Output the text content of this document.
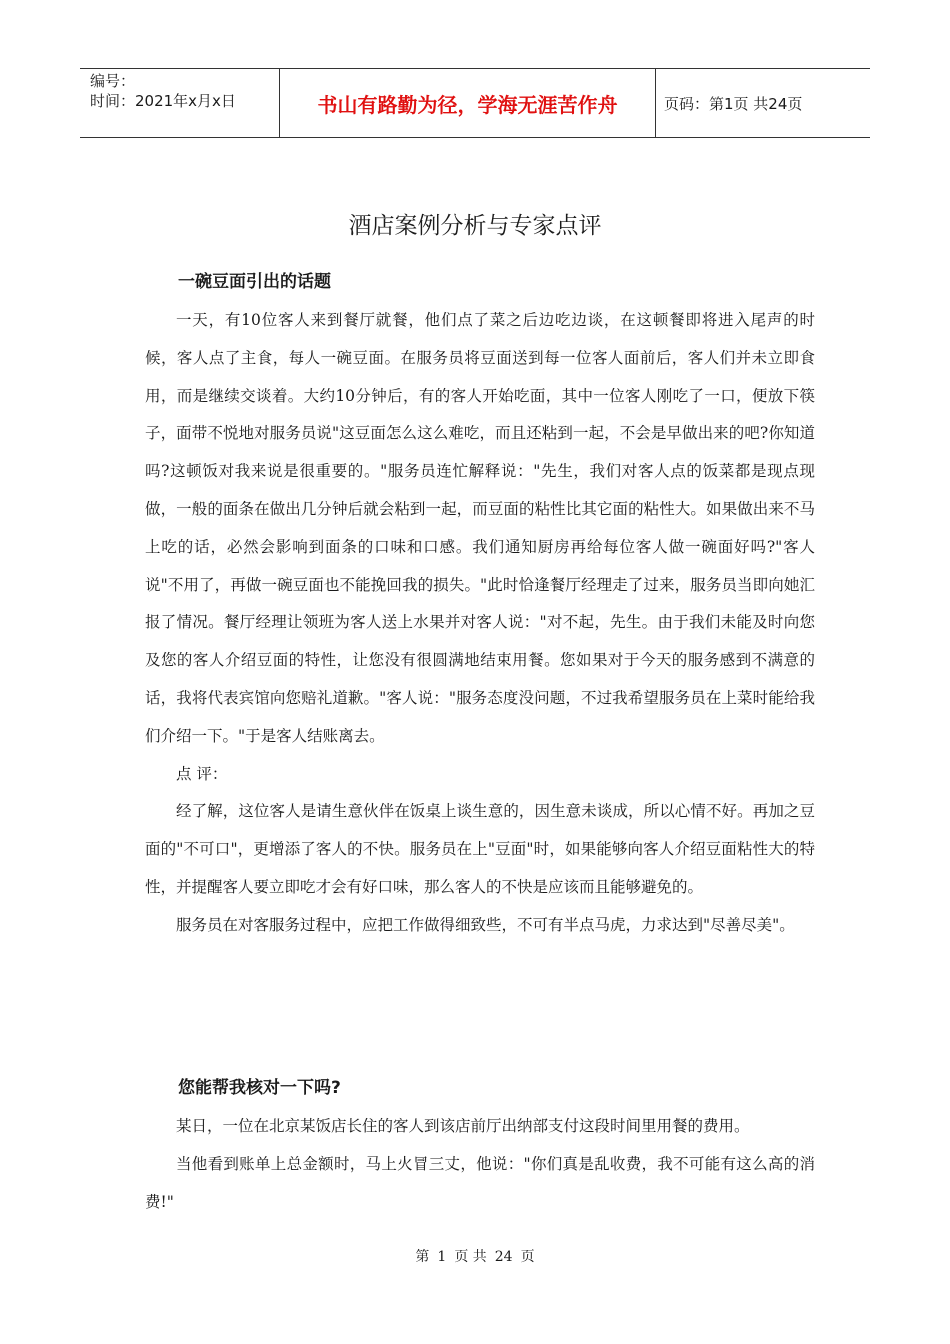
编号：
时间：2021年x月x日	书山有路勤为径，学海无涯苦作舟	页码：第1页 共24页
酒店案例分析与专家点评
一碗豆面引出的话题

一天，有10位客人来到餐厅就餐，他们点了菜之后边吃边谈，在这顿餐即将进入尾声的时候，客人点了主食，每人一碗豆面。在服务员将豆面送到每一位客人面前后，客人们并未立即食用，而是继续交谈着。大约10分钟后，有的客人开始吃面，其中一位客人刚吃了一口，便放下筷子，面带不悦地对服务员说"这豆面怎么这么难吃，而且还粘到一起，不会是早做出来的吧?你知道吗?这顿饭对我来说是很重要的。"服务员连忙解释说："先生，我们对客人点的饭菜都是现点现做，一般的面条在做出几分钟后就会粘到一起，而豆面的粘性比其它面的粘性大。如果做出来不马上吃的话，必然会影响到面条的口味和口感。我们通知厨房再给每位客人做一碗面好吗?"客人说"不用了，再做一碗豆面也不能挽回我的损失。"此时恰逢餐厅经理走了过来，服务员当即向她汇报了情况。餐厅经理让领班为客人送上水果并对客人说："对不起，先生。由于我们未能及时向您及您的客人介绍豆面的特性，让您没有很圆满地结束用餐。您如果对于今天的服务感到不满意的话，我将代表宾馆向您赔礼道歉。"客人说："服务态度没问题，不过我希望服务员在上菜时能给我们介绍一下。"于是客人结账离去。

点 评：

经了解，这位客人是请生意伙伴在饭桌上谈生意的，因生意未谈成，所以心情不好。再加之豆面的"不可口"，更增添了客人的不快。服务员在上"豆面"时，如果能够向客人介绍豆面粘性大的特性，并提醒客人要立即吃才会有好口味，那么客人的不快是应该而且能够避免的。

服务员在对客服务过程中，应把工作做得细致些，不可有半点马虎，力求达到"尽善尽美"。

您能帮我核对一下吗?

某日，一位在北京某饭店长住的客人到该店前厅出纳部支付这段时间里用餐的费用。

当他看到账单上总金额时，马上火冒三丈，他说："你们真是乱收费，我不可能有这么高的消费!"

第 1 页 共 24 页
